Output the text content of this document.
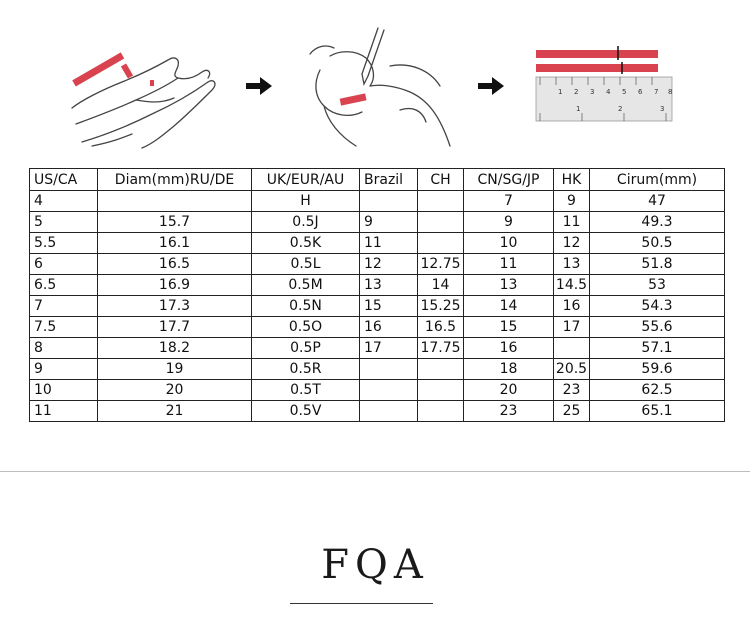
1 2 3 4 5 6 7 8
1	2	3
US/CA	Diam(mm)RU/DE	UK/EUR/AU	Brazil	CH	CN/SG/JP	HK	Cirum(mm)
4		H			7	9	47
5	15.7	0.5J	9		9	11	49.3
5.5	16.1	0.5K	11		10	12	50.5
6	16.5	0.5L	12	12.75	11	13	51.8
6.5	16.9	0.5M	13	14	13	14.5	53
7	17.3	0.5N	15	15.25	14	16	54.3
7.5	17.7	0.5O	16	16.5	15	17	55.6
8	18.2	0.5P	17	17.75	16		57.1
9	19	0.5R			18	20.5	59.6
10	20	0.5T			20	23	62.5
11	21	0.5V			23	25	65.1
FQA
